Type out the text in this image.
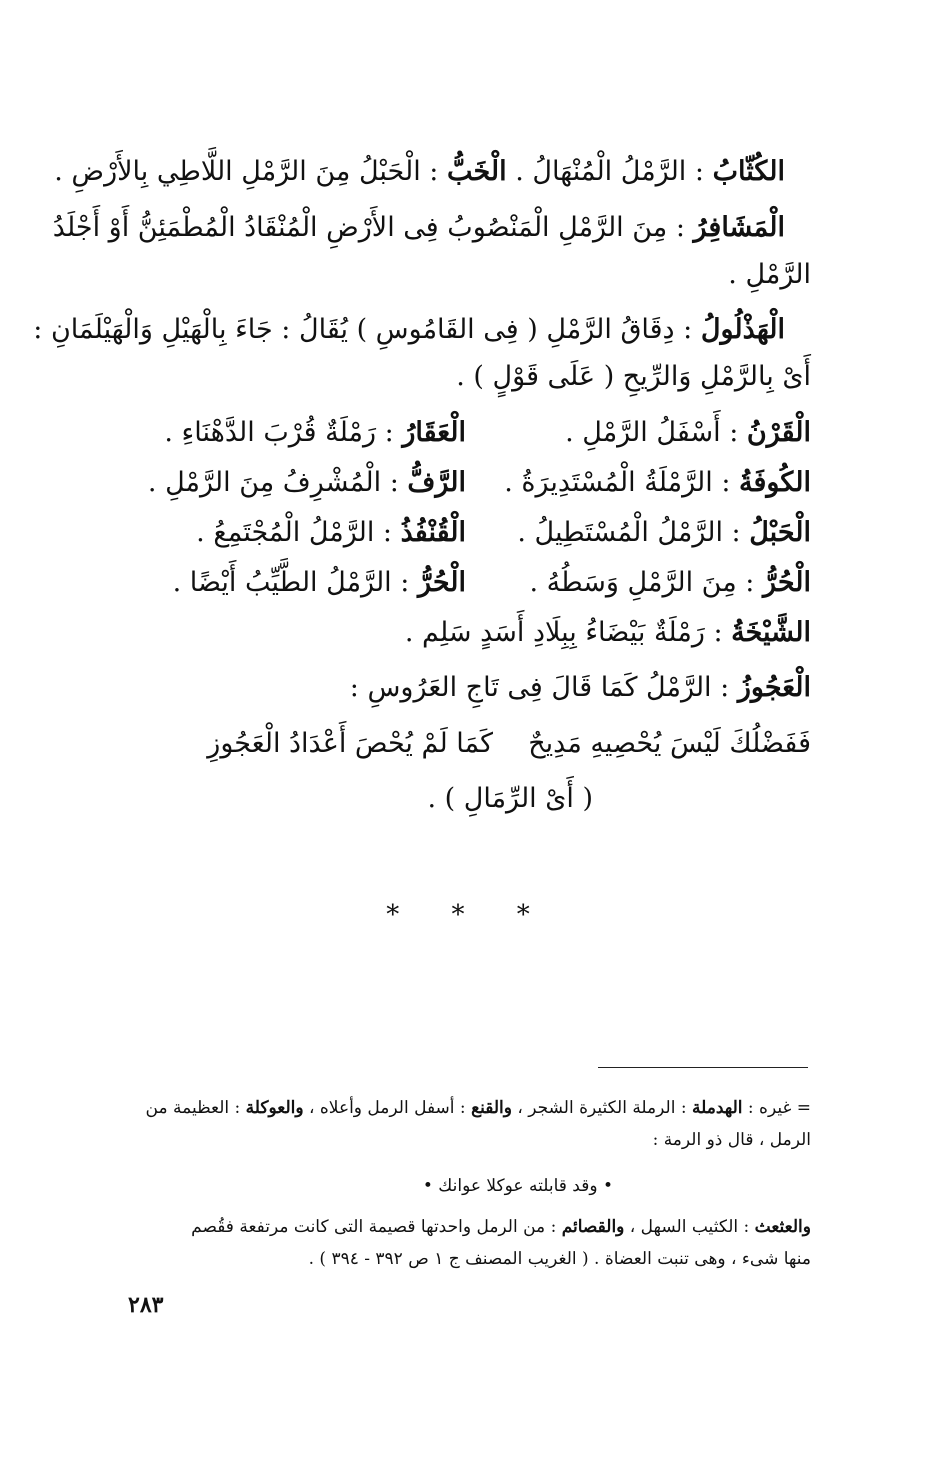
الكُثّابُ : الرَّمْلُ الْمُنْهَالُ . الْخَبُّ : الْحَبْلُ مِنَ الرَّمْلِ اللَّاطِي بِالأَرْضِ .
الْمَشَافِرُ : مِنَ الرَّمْلِ الْمَنْصُوبُ فِى الأَرْضِ الْمُنْقَادُ الْمُطْمَئِنُّ أَوْ أَجْلَدُ
الرَّمْلِ .
الْهَذْلُولُ : دِقَاقُ الرَّمْلِ ( فِى القَامُوسِ ) يُقَالُ : جَاءَ بِالْهَيْلِ وَالْهَيْلَمَانِ :
أَىْ بِالرَّمْلِ وَالرِّيحِ ( عَلَى قَوْلٍ ) .
الْقَرْنُ : أَسْفَلُ الرَّمْلِ .
الْعَقَارُ : رَمْلَةٌ قُرْبَ الدَّهْنَاءِ .
الكُوفَةُ : الرَّمْلَةُ الْمُسْتَدِيرَةُ .
الرَّفُّ : الْمُشْرِفُ مِنَ الرَّمْلِ .
الْحَبْلُ : الرَّمْلُ الْمُسْتَطِيلُ .
الْقُنْفُذُ : الرَّمْلُ الْمُجْتَمِعُ .
الْحُرُّ : مِنَ الرَّمْلِ وَسَطُهُ .
الْحُرُّ : الرَّمْلُ الطَّيِّبُ أَيْضًا .
الشَّيْخَةُ : رَمْلَةٌ بَيْضَاءُ بِبِلَادِ أَسَدٍ سَلِم .
الْعَجُوزُ : الرَّمْلُ كَمَا قَالَ فِى تَاجِ العَرُوسِ :
فَفَضْلُكَ لَيْسَ يُحْصِيهِ مَدِيحٌ
كَمَا لَمْ يُحْصَ أَعْدَادُ الْعَجُوزِ
( أَىْ الرِّمَالِ ) .
* * *
= غيره : الهدملة : الرملة الكثيرة الشجر ، والقنع : أسفل الرمل وأعلاه ، والعوكلة : العظيمة من
الرمل ، قال ذو الرمة :
• وقد قابلته عوكلا عوانك •
والعثعث : الكثيب السهل ، والقصائم : من الرمل واحدتها قصيمة التى كانت مرتفعة فقُصم
منها شىء ، وهى تنبت العضاة . ( الغريب المصنف ج ١ ص ٣٩٢ - ٣٩٤ ) .
٢٨٣
